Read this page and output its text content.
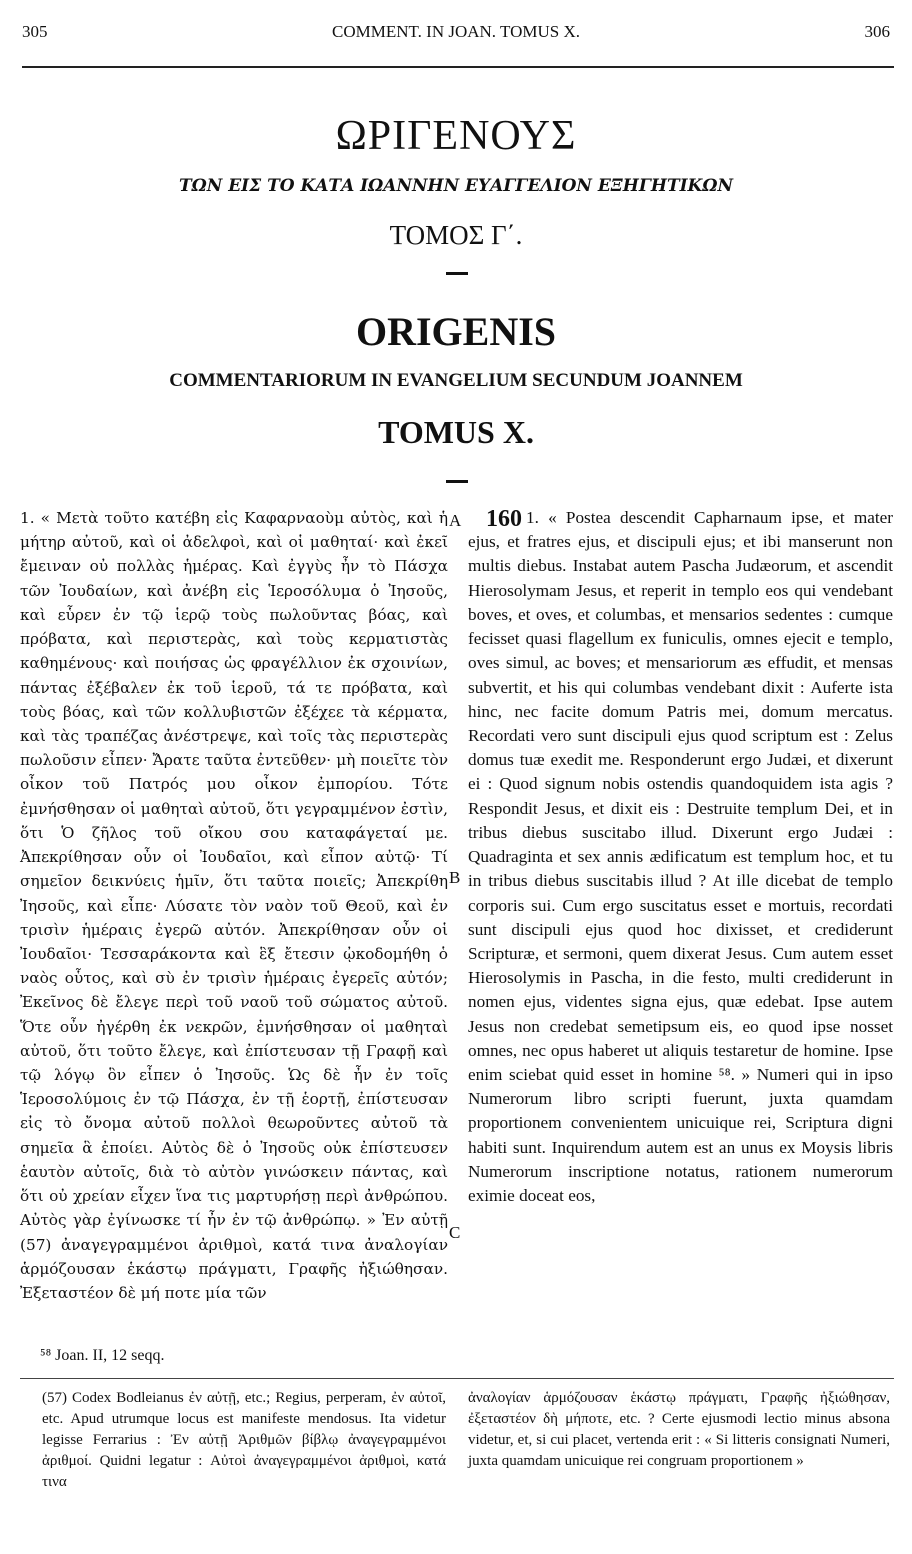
305	COMMENT. IN JOAN. TOMUS X.	306
ΩΡΙΓΕΝΟΥΣ
ΤΩΝ ΕΙΣ ΤΟ ΚΑΤΑ ΙΩΑΝΝΗΝ ΕΥΑΓΓΕΛΙΟΝ ΕΞΗΓΗΤΙΚΩΝ
ΤΟΜΟΣ Γ΄.
ORIGENIS
COMMENTARIORUM IN EVANGELIUM SECUNDUM JOANNEM
TOMUS X.
1. « Μετὰ τοῦτο κατέβη εἰς Καφαρναοὺμ αὐτὸς, καὶ ἡ μήτηρ αὐτοῦ, καὶ οἱ ἀδελφοὶ, καὶ οἱ μαθηταί· καὶ ἐκεῖ ἔμειναν οὐ πολλὰς ἡμέρας. Καὶ ἐγγὺς ἦν τὸ Πάσχα τῶν Ἰουδαίων, καὶ ἀνέβη εἰς Ἱεροσόλυμα ὁ Ἰησοῦς, καὶ εὗρεν ἐν τῷ ἱερῷ τοὺς πωλοῦντας βόας, καὶ πρόβατα, καὶ περιστερὰς, καὶ τοὺς κερματιστὰς καθημένους· καὶ ποιήσας ὡς φραγέλλιον ἐκ σχοινίων, πάντας ἐξέβαλεν ἐκ τοῦ ἱεροῦ, τά τε πρόβατα, καὶ τοὺς βόας, καὶ τῶν κολλυβιστῶν ἐξέχεε τὰ κέρματα, καὶ τὰς τραπέζας ἀνέστρεψε, καὶ τοῖς τὰς περιστερὰς πωλοῦσιν εἶπεν· Ἄρατε ταῦτα ἐντεῦθεν· μὴ ποιεῖτε τὸν οἶκον τοῦ Πατρός μου οἶκον ἐμπορίου. Τότε ἐμνήσθησαν οἱ μαθηταὶ αὐτοῦ, ὅτι γεγραμμένον ἐστὶν, ὅτι Ὁ ζῆλος τοῦ οἴκου σου καταφάγεταί με. Ἀπεκρίθησαν οὖν οἱ Ἰουδαῖοι, καὶ εἶπον αὐτῷ· Τί σημεῖον δεικνύεις ἡμῖν, ὅτι ταῦτα ποιεῖς; Ἀπεκρίθη Ἰησοῦς, καὶ εἶπε· Λύσατε τὸν ναὸν τοῦ Θεοῦ, καὶ ἐν τρισὶν ἡμέραις ἐγερῶ αὐτόν. Ἀπεκρίθησαν οὖν οἱ Ἰουδαῖοι· Τεσσαράκοντα καὶ ἓξ ἔτεσιν ᾠκοδομήθη ὁ ναὸς οὗτος, καὶ σὺ ἐν τρισὶν ἡμέραις ἐγερεῖς αὐτόν; Ἐκεῖνος δὲ ἔλεγε περὶ τοῦ ναοῦ τοῦ σώματος αὐτοῦ. Ὅτε οὖν ἠγέρθη ἐκ νεκρῶν, ἐμνήσθησαν οἱ μαθηταὶ αὐτοῦ, ὅτι τοῦτο ἔλεγε, καὶ ἐπίστευσαν τῇ Γραφῇ καὶ τῷ λόγῳ ὃν εἶπεν ὁ Ἰησοῦς. Ὡς δὲ ἦν ἐν τοῖς Ἱεροσολύμοις ἐν τῷ Πάσχα, ἐν τῇ ἑορτῇ, ἐπίστευσαν εἰς τὸ ὄνομα αὐτοῦ πολλοὶ θεωροῦντες αὐτοῦ τὰ σημεῖα ἃ ἐποίει. Αὐτὸς δὲ ὁ Ἰησοῦς οὐκ ἐπίστευσεν ἑαυτὸν αὐτοῖς, διὰ τὸ αὐτὸν γινώσκειν πάντας, καὶ ὅτι οὐ χρείαν εἶχεν ἵνα τις μαρτυρήσῃ περὶ ἀνθρώπου. Αὐτὸς γὰρ ἐγίνωσκε τί ἦν ἐν τῷ ἀνθρώπῳ. » Ἐν αὐτῇ (57) ἀναγεγραμμένοι ἀριθμοὶ, κατά τινα ἀναλογίαν ἁρμόζουσαν ἑκάστῳ πράγματι, Γραφῆς ἠξιώθησαν. Ἐξεταστέον δὲ μή ποτε μία τῶν
A
B
C
160 1. « Postea descendit Capharnaum ipse, et mater ejus, et fratres ejus, et discipuli ejus; et ibi manserunt non multis diebus. Instabat autem Pascha Judæorum, et ascendit Hierosolymam Jesus, et reperit in templo eos qui vendebant boves, et oves, et columbas, et mensarios sedentes : cumque fecisset quasi flagellum ex funiculis, omnes ejecit e templo, oves simul, ac boves; et mensariorum æs effudit, et mensas subvertit, et his qui columbas vendebant dixit : Auferte ista hinc, nec facite domum Patris mei, domum mercatus. Recordati vero sunt discipuli ejus quod scriptum est : Zelus domus tuæ exedit me. Responderunt ergo Judæi, et dixerunt ei : Quod signum nobis ostendis quandoquidem ista agis ? Respondit Jesus, et dixit eis : Destruite templum Dei, et in tribus diebus suscitabo illud. Dixerunt ergo Judæi : Quadraginta et sex annis ædificatum est templum hoc, et tu in tribus diebus suscitabis illud ? At ille dicebat de templo corporis sui. Cum ergo suscitatus esset e mortuis, recordati sunt discipuli ejus quod hoc dixisset, et crediderunt Scripturæ, et sermoni, quem dixerat Jesus. Cum autem esset Hierosolymis in Pascha, in die festo, multi crediderunt in nomen ejus, videntes signa ejus, quæ edebat. Ipse autem Jesus non credebat semetipsum eis, eo quod ipse nosset omnes, nec opus haberet ut aliquis testaretur de homine. Ipse enim sciebat quid esset in homine ⁵⁸. » Numeri qui in ipso Numerorum libro scripti fuerunt, juxta quamdam proportionem convenientem unicuique rei, Scriptura digni habiti sunt. Inquirendum autem est an unus ex Moysis libris Numerorum inscriptione notatus, rationem numerorum eximie doceat eos,
⁵⁸ Joan. II, 12 seqq.
(57) Codex Bodleianus ἐν αὐτῇ, etc.; Regius, perperam, ἐν αὐτοῖ, etc. Apud utrumque locus est manifeste mendosus. Ita videtur legisse Ferrarius : Ἐν αὐτῇ Ἀριθμῶν βίβλῳ ἀναγεγραμμένοι ἀριθμοί. Quidni legatur : Αὐτοὶ ἀναγεγραμμένοι ἀριθμοὶ, κατά τινα
ἀναλογίαν ἁρμόζουσαν ἑκάστῳ πράγματι, Γραφῆς ἠξιώθησαν, ἐξεταστέον δὴ μήποτε, etc. ? Certe ejusmodi lectio minus absona videtur, et, si cui placet, vertenda erit : « Si litteris consignati Numeri, juxta quamdam unicuique rei congruam proportionem »
